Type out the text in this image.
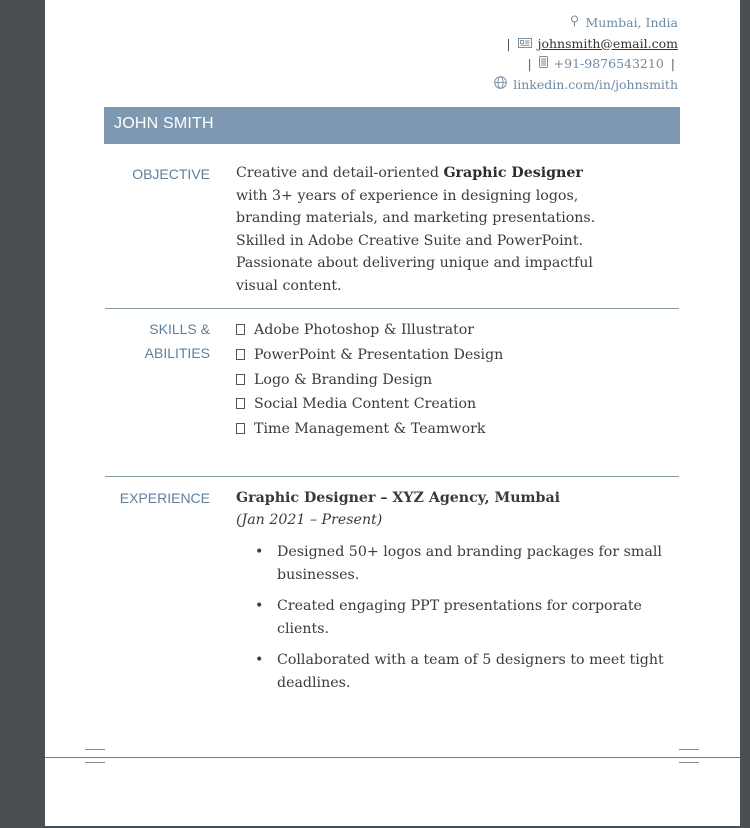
Mumbai, India
| johnsmith@email.com
| +91-9876543210 |
linkedin.com/in/johnsmith
JOHN SMITH
OBJECTIVE Creative and detail-oriented Graphic Designer with 3+ years of experience in designing logos, branding materials, and marketing presentations. Skilled in Adobe Creative Suite and PowerPoint. Passionate about delivering unique and impactful visual content.
SKILLS &
ABILITIES
Adobe Photoshop & Illustrator
PowerPoint & Presentation Design
Logo & Branding Design
Social Media Content Creation
Time Management & Teamwork
EXPERIENCE Graphic Designer – XYZ Agency, Mumbai
(Jan 2021 – Present)
• Designed 50+ logos and branding packages for small businesses.
• Created engaging PPT presentations for corporate clients.
• Collaborated with a team of 5 designers to meet tight deadlines.
